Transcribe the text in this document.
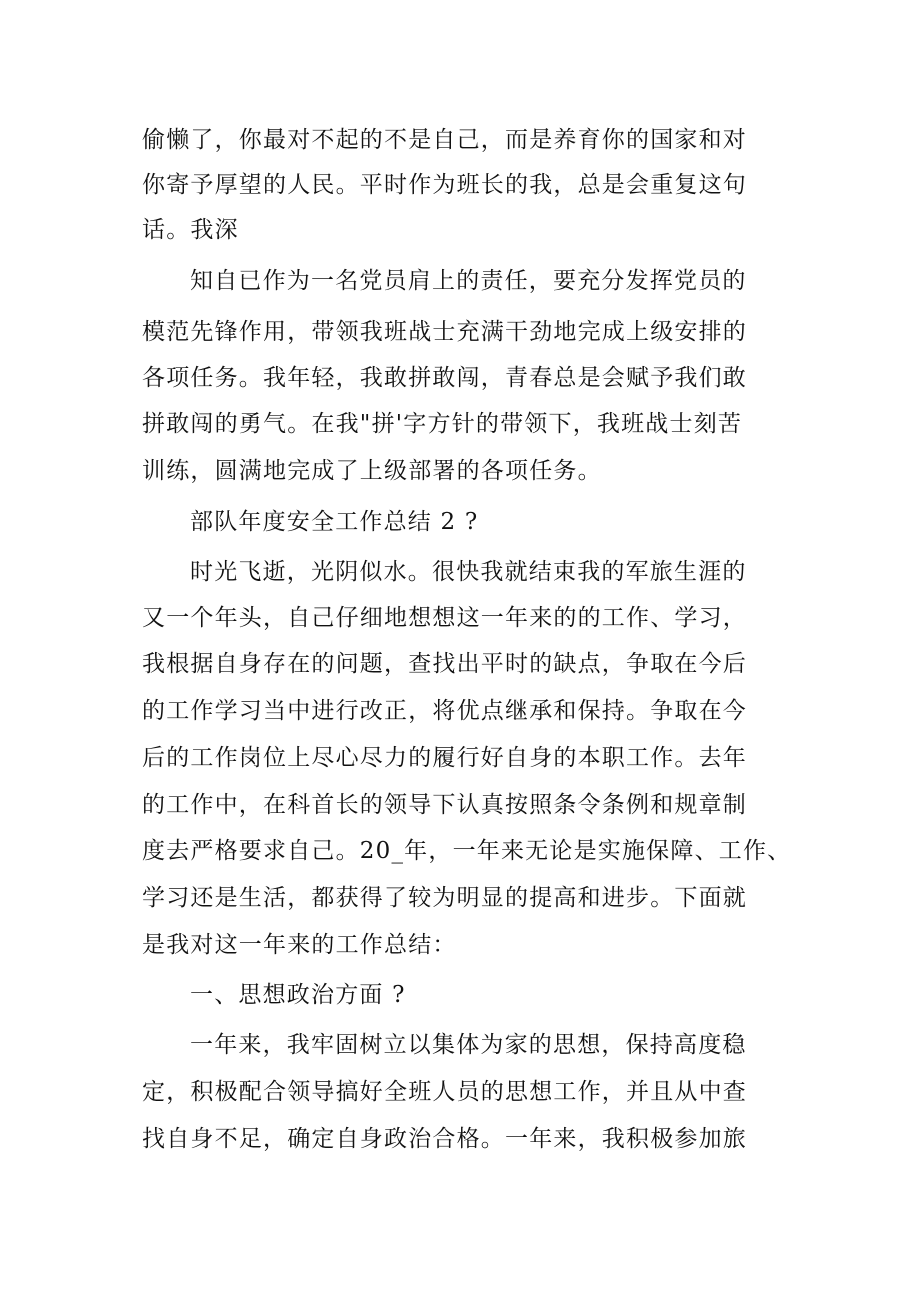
偷懒了，你最对不起的不是自己，而是养育你的国家和对
你寄予厚望的人民。平时作为班长的我，总是会重复这句
话。我深
知自已作为一名党员肩上的责任，要充分发挥党员的
模范先锋作用，带领我班战士充满干劲地完成上级安排的
各项任务。我年轻，我敢拼敢闯，青春总是会赋予我们敢
拼敢闯的勇气。在我"拼'字方针的带领下，我班战士刻苦
训练，圆满地完成了上级部署的各项任务。
部队年度安全工作总结 2 ?
时光飞逝，光阴似水。很快我就结束我的军旅生涯的
又一个年头，自己仔细地想想这一年来的的工作、学习，
我根据自身存在的问题，查找出平时的缺点，争取在今后
的工作学习当中进行改正，将优点继承和保持。争取在今
后的工作岗位上尽心尽力的履行好自身的本职工作。去年
的工作中，在科首长的领导下认真按照条令条例和规章制
度去严格要求自己。20_年，一年来无论是实施保障、工作、
学习还是生活，都获得了较为明显的提高和进步。下面就
是我对这一年来的工作总结：
一、思想政治方面 ?
一年来，我牢固树立以集体为家的思想，保持高度稳
定，积极配合领导搞好全班人员的思想工作，并且从中查
找自身不足，确定自身政治合格。一年来，我积极参加旅
